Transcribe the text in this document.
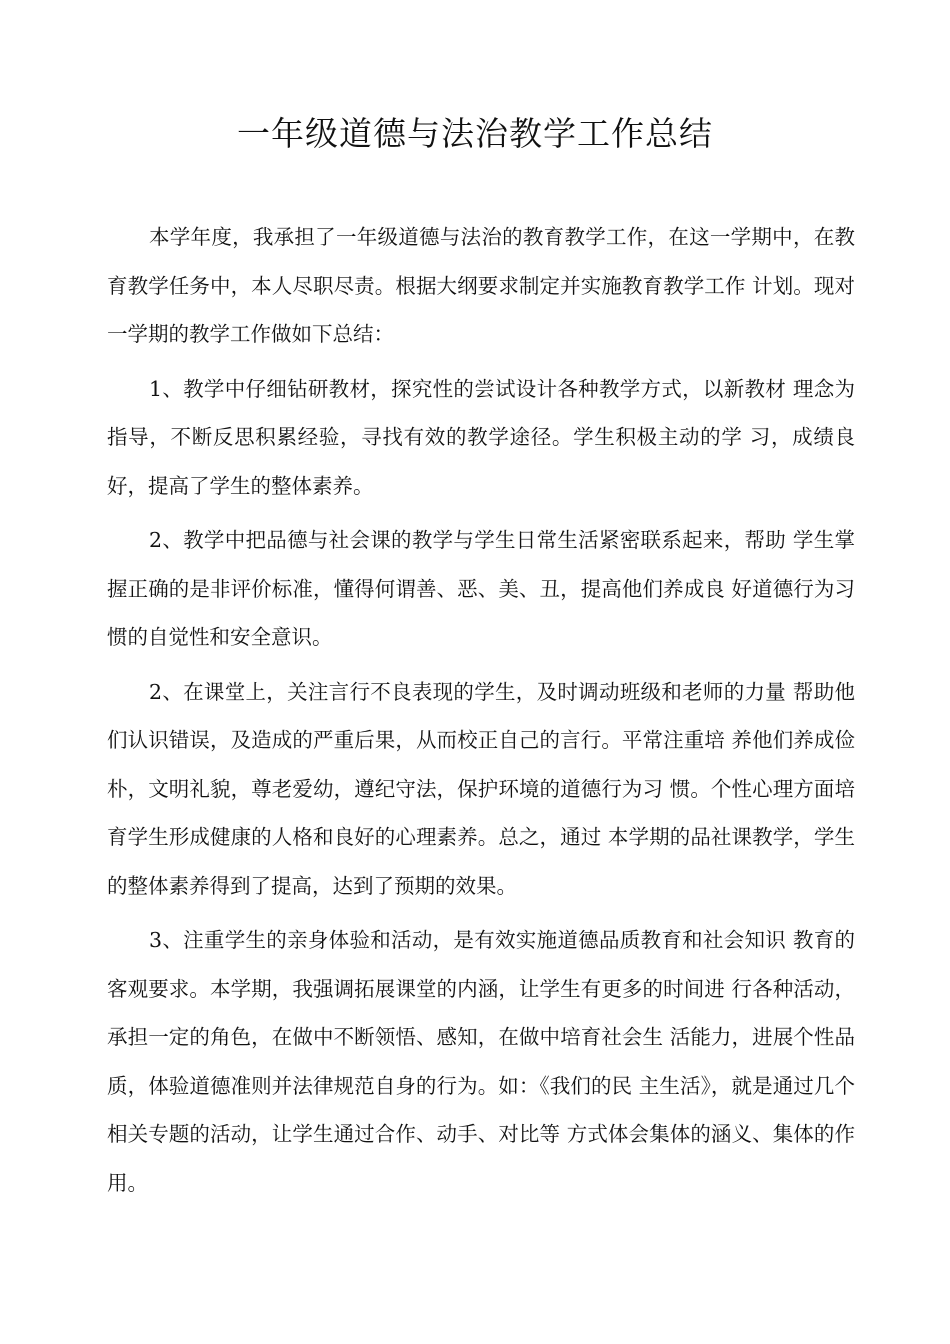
一年级道德与法治教学工作总结

本学年度，我承担了一年级道德与法治的教育教学工作，在这一学期中，在教育教学任务中，本人尽职尽责。根据大纲要求制定并实施教育教学工作 计划。现对一学期的教学工作做如下总结：

1、教学中仔细钻研教材，探究性的尝试设计各种教学方式，以新教材 理念为指导，不断反思积累经验，寻找有效的教学途径。学生积极主动的学 习，成绩良好，提高了学生的整体素养。

2、教学中把品德与社会课的教学与学生日常生活紧密联系起来，帮助 学生掌握正确的是非评价标准，懂得何谓善、恶、美、丑，提高他们养成良 好道德行为习惯的自觉性和安全意识。

2、在课堂上，关注言行不良表现的学生，及时调动班级和老师的力量 帮助他们认识错误，及造成的严重后果，从而校正自己的言行。平常注重培 养他们养成俭朴，文明礼貌，尊老爱幼，遵纪守法，保护环境的道德行为习 惯。个性心理方面培育学生形成健康的人格和良好的心理素养。总之，通过 本学期的品社课教学，学生的整体素养得到了提高，达到了预期的效果。

3、注重学生的亲身体验和活动，是有效实施道德品质教育和社会知识 教育的客观要求。本学期，我强调拓展课堂的内涵，让学生有更多的时间进 行各种活动，承担一定的角色，在做中不断领悟、感知，在做中培育社会生 活能力，进展个性品质，体验道德准则并法律规范自身的行为。如：《我们的民 主生活》，就是通过几个相关专题的活动，让学生通过合作、动手、对比等 方式体会集体的涵义、集体的作用。
